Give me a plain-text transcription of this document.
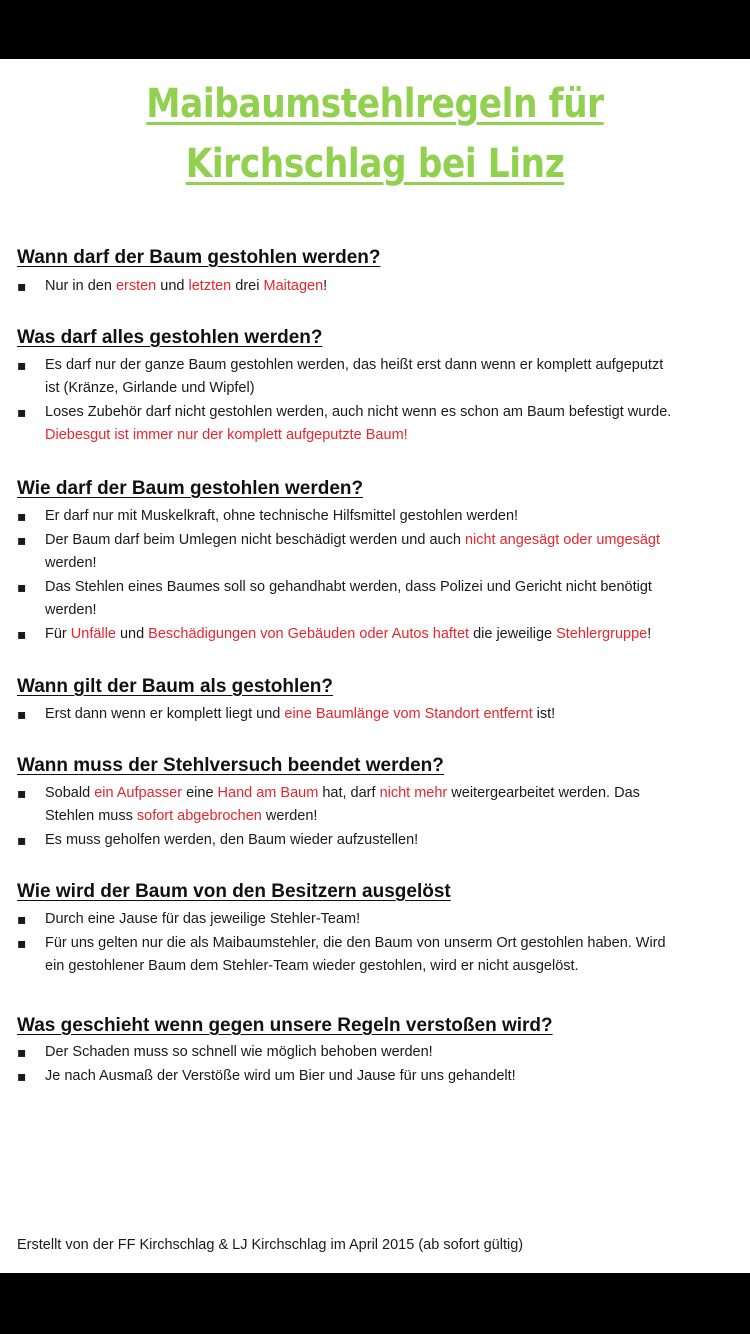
Maibaumstehlregeln für
Kirchschlag bei Linz
Wann darf der Baum gestohlen werden?
▪ Nur in den ersten und letzten drei Maitagen!
Was darf alles gestohlen werden?
▪ Es darf nur der ganze Baum gestohlen werden, das heißt erst dann wenn er komplett aufgeputzt
ist (Kränze, Girlande und Wipfel)
▪ Loses Zubehör darf nicht gestohlen werden, auch nicht wenn es schon am Baum befestigt wurde.
Diebesgut ist immer nur der komplett aufgeputzte Baum!
Wie darf der Baum gestohlen werden?
▪ Er darf nur mit Muskelkraft, ohne technische Hilfsmittel gestohlen werden!
▪ Der Baum darf beim Umlegen nicht beschädigt werden und auch nicht angesägt oder umgesägt
werden!
▪ Das Stehlen eines Baumes soll so gehandhabt werden, dass Polizei und Gericht nicht benötigt
werden!
▪ Für Unfälle und Beschädigungen von Gebäuden oder Autos haftet die jeweilige Stehlergruppe!
Wann gilt der Baum als gestohlen?
▪ Erst dann wenn er komplett liegt und eine Baumlänge vom Standort entfernt ist!
Wann muss der Stehlversuch beendet werden?
▪ Sobald ein Aufpasser eine Hand am Baum hat, darf nicht mehr weitergearbeitet werden. Das
Stehlen muss sofort abgebrochen werden!
▪ Es muss geholfen werden, den Baum wieder aufzustellen!
Wie wird der Baum von den Besitzern ausgelöst
▪ Durch eine Jause für das jeweilige Stehler-Team!
▪ Für uns gelten nur die als Maibaumstehler, die den Baum von unserm Ort gestohlen haben. Wird
ein gestohlener Baum dem Stehler-Team wieder gestohlen, wird er nicht ausgelöst.
Was geschieht wenn gegen unsere Regeln verstoßen wird?
▪ Der Schaden muss so schnell wie möglich behoben werden!
▪ Je nach Ausmaß der Verstöße wird um Bier und Jause für uns gehandelt!
Erstellt von der FF Kirchschlag & LJ Kirchschlag im April 2015 (ab sofort gültig)
